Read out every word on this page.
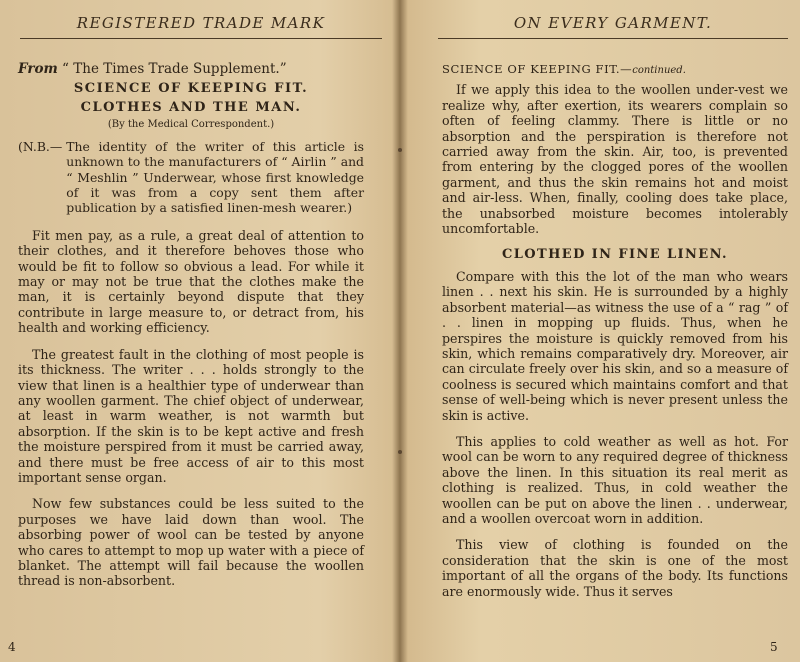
REGISTERED TRADE MARK
From “ The Times Trade Supplement.”
SCIENCE OF KEEPING FIT.
CLOTHES AND THE MAN.
(By the Medical Correspondent.)
(N.B.— The identity of the writer of this article is unknown to the manufacturers of “ Airlin ” and “ Meshlin ” Underwear, whose first knowledge of it was from a copy sent them after publication by a satisfied linen-mesh wearer.)

Fit men pay, as a rule, a great deal of attention to their clothes, and it therefore behoves those who would be fit to follow so obvious a lead. For while it may or may not be true that the clothes make the man, it is certainly beyond dispute that they contribute in large measure to, or detract from, his health and working efficiency.

The greatest fault in the clothing of most people is its thickness. The writer . . . holds strongly to the view that linen is a healthier type of underwear than any woollen garment. The chief object of underwear, at least in warm weather, is not warmth but absorption. If the skin is to be kept active and fresh the moisture perspired from it must be carried away, and there must be free access of air to this most important sense organ.

Now few substances could be less suited to the purposes we have laid down than wool. The absorbing power of wool can be tested by anyone who cares to attempt to mop up water with a piece of blanket. The attempt will fail because the woollen thread is non-absorbent.

4
ON EVERY GARMENT.
SCIENCE OF KEEPING FIT.—continued.

If we apply this idea to the woollen under-vest we realize why, after exertion, its wearers complain so often of feeling clammy. There is little or no absorption and the perspiration is therefore not carried away from the skin. Air, too, is prevented from entering by the clogged pores of the woollen garment, and thus the skin remains hot and moist and air-less. When, finally, cooling does take place, the unabsorbed moisture becomes intolerably uncomfortable.

CLOTHED IN FINE LINEN.

Compare with this the lot of the man who wears linen . . next his skin. He is surrounded by a highly absorbent material—as witness the use of a “ rag ” of . . linen in mopping up fluids. Thus, when he perspires the moisture is quickly removed from his skin, which remains comparatively dry. Moreover, air can circulate freely over his skin, and so a measure of coolness is secured which maintains comfort and that sense of well-being which is never present unless the skin is active.

This applies to cold weather as well as hot. For wool can be worn to any required degree of thickness above the linen. In this situation its real merit as clothing is realized. Thus, in cold weather the woollen can be put on above the linen . . underwear, and a woollen overcoat worn in addition.

This view of clothing is founded on the consideration that the skin is one of the most important of all the organs of the body. Its functions are enormously wide. Thus it serves

5
